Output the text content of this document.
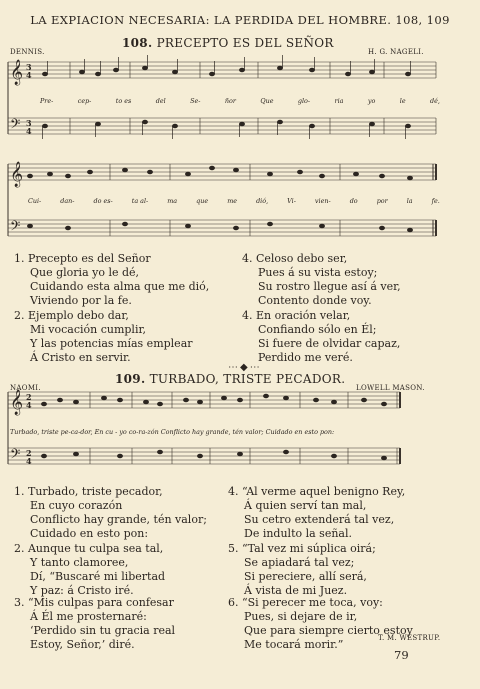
LA EXPIACION NECESARIA: LA PERDIDA DEL HOMBRE. 108, 109
108. PRECEPTO ES DEL SEÑOR
DENNIS.	H. G. NAGELI.
𝄞
𝄢
3
4
3
4
𝄞
𝄢
𝄞
𝄢
2
4
2
4
Pre-	cep-	to es	del	Se-	ñor	Que	glo-	ria	yo	le	dé,
Cui-	dan-	do es-	ta al-	ma	que	me	dió,	Vi-	vien-	do	por	la	fe.
1. Precepto es del Señor
Que gloria yo le dé,
Cuidando esta alma que me dió,
Viviendo por la fe.
2. Ejemplo debo dar,
Mi vocación cumplir,
Y las potencias mías emplear
Á Cristo en servir.
4. Celoso debo ser,
Pues á su vista estoy;
Su rostro llegue así á ver,
Contento donde voy.
4. En oración velar,
Confiando sólo en Él;
Si fuere de olvidar capaz,
Perdido me veré.
⋯◆⋯
109. TURBADO, TRISTE PECADOR.
NAOMI.	LOWELL MASON.
Turbado, triste pe-ca-dor, En cu - yo co-ra-zón Conflicto hay grande, tén valor; Cuidado en esto pon:
1. Turbado, triste pecador,
En cuyo corazón
Conflicto hay grande, tén valor;
Cuidado en esto pon:
2. Aunque tu culpa sea tal,
Y tanto clamoree,
Dí, “Buscaré mi libertad
Y paz: á Cristo iré.
3. “Mis culpas para confesar
Á Él me prosternaré:
‘Perdido sin tu gracia real
Estoy, Señor,’ diré.
4. “Al verme aquel benigno Rey,
Á quien serví tan mal,
Su cetro extenderá tal vez,
De indulto la señal.
5. “Tal vez mi súplica oirá;
Se apiadará tal vez;
Si pereciere, allí será,
Á vista de mi Juez.
6. “Si perecer me toca, voy:
Pues, si dejare de ir,
Que para siempre cierto estoy
Me tocará morir.”	T. M. WESTRUP.
79
